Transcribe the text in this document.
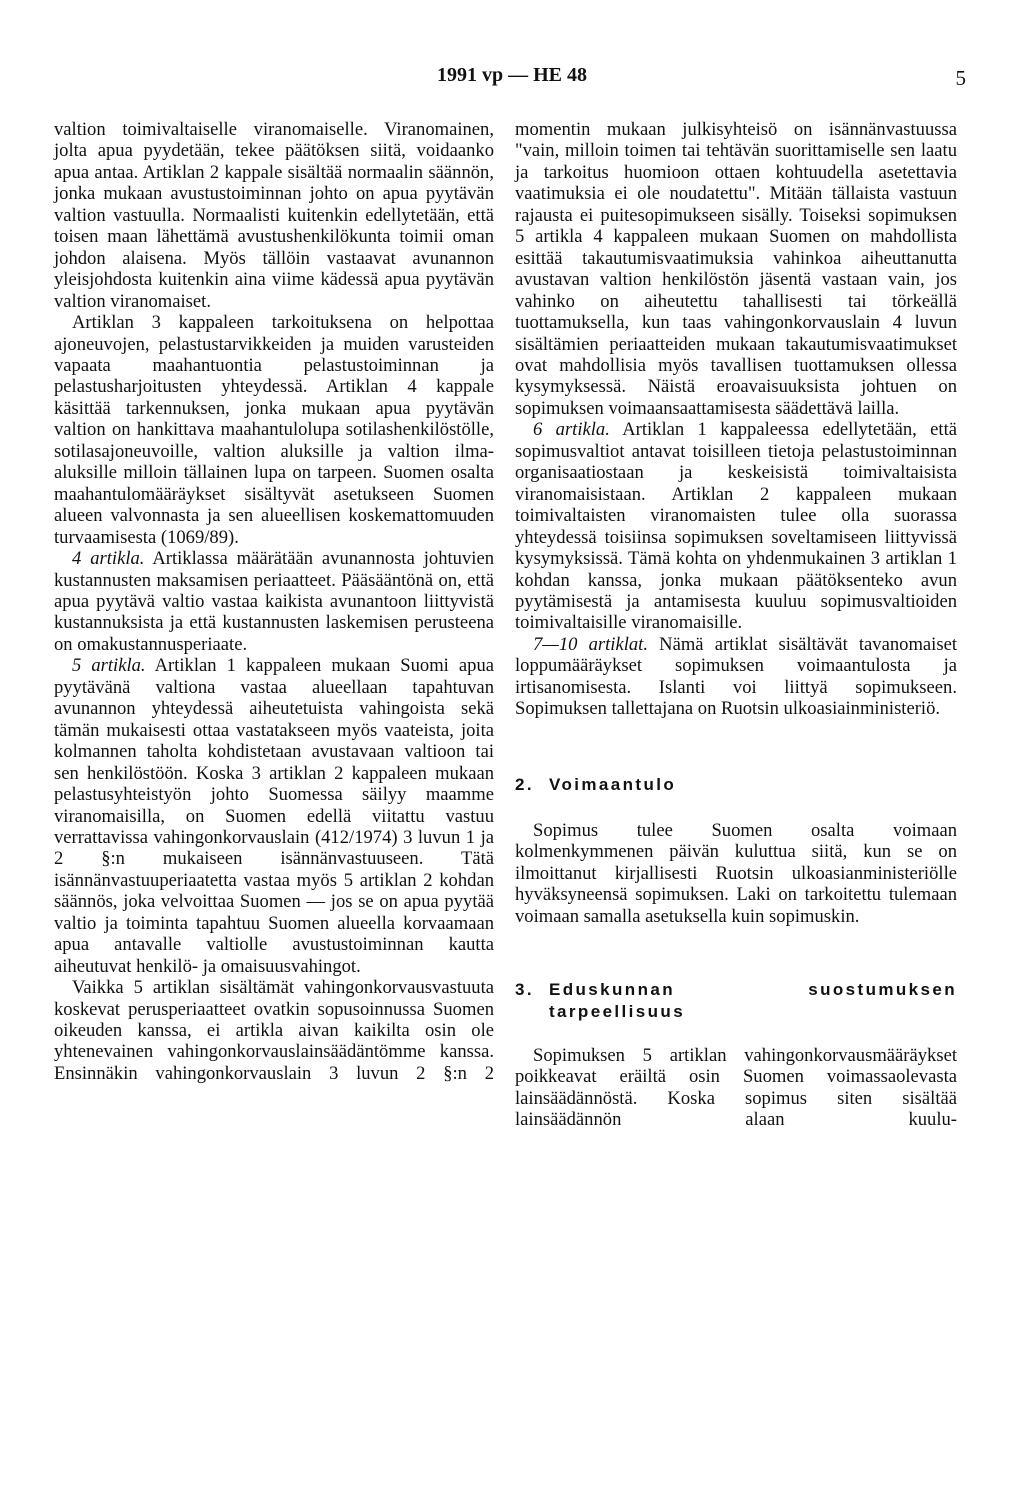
1991 vp — HE 48	5

valtion toimivaltaiselle viranomaiselle. Viranomainen, jolta apua pyydetään, tekee päätöksen siitä, voidaanko apua antaa. Artiklan 2 kappale sisältää normaalin säännön, jonka mukaan avustustoiminnan johto on apua pyytävän valtion vastuulla. Normaalisti kuitenkin edellytetään, että toisen maan lähettämä avustushenkilökunta toimii oman johdon alaisena. Myös tällöin vastaavat avunannon yleisjohdosta kuitenkin aina viime kädessä apua pyytävän valtion viranomaiset.

Artiklan 3 kappaleen tarkoituksena on helpottaa ajoneuvojen, pelastustarvikkeiden ja muiden varusteiden vapaata maahantuontia pelastustoiminnan ja pelastusharjoitusten yhteydessä. Artiklan 4 kappale käsittää tarkennuksen, jonka mukaan apua pyytävän valtion on hankittava maahantulolupa sotilashenkilöstölle, sotilasajoneuvoille, valtion aluksille ja valtion ilma-aluksille milloin tällainen lupa on tarpeen. Suomen osalta maahantulomääräykset sisältyvät asetukseen Suomen alueen valvonnasta ja sen alueellisen koskemattomuuden turvaamisesta (1069/89).

4 artikla. Artiklassa määrätään avunannosta johtuvien kustannusten maksamisen periaatteet. Pääsääntönä on, että apua pyytävä valtio vastaa kaikista avunantoon liittyvistä kustannuksista ja että kustannusten laskemisen perusteena on omakustannusperiaate.

5 artikla. Artiklan 1 kappaleen mukaan Suomi apua pyytävänä valtiona vastaa alueellaan tapahtuvan avunannon yhteydessä aiheutetuista vahingoista sekä tämän mukaisesti ottaa vastatakseen myös vaateista, joita kolmannen taholta kohdistetaan avustavaan valtioon tai sen henkilöstöön. Koska 3 artiklan 2 kappaleen mukaan pelastusyhteistyön johto Suomessa säilyy maamme viranomaisilla, on Suomen edellä viitattu vastuu verrattavissa vahingonkorvauslain (412/1974) 3 luvun 1 ja 2 §:n mukaiseen isännänvastuuseen. Tätä isännänvastuuperiaatetta vastaa myös 5 artiklan 2 kohdan säännös, joka velvoittaa Suomen — jos se on apua pyytää valtio ja toiminta tapahtuu Suomen alueella korvaamaan apua antavalle valtiolle avustustoiminnan kautta aiheutuvat henkilö- ja omaisuusvahingot.

Vaikka 5 artiklan sisältämät vahingonkorvausvastuuta koskevat perusperiaatteet ovatkin sopusoinnussa Suomen oikeuden kanssa, ei artikla aivan kaikilta osin ole yhtenevainen vahingonkorvauslainsäädäntömme kanssa. Ensinnäkin vahingonkorvauslain 3 luvun 2 §:n 2

momentin mukaan julkisyhteisö on isännänvastuussa "vain, milloin toimen tai tehtävän suorittamiselle sen laatu ja tarkoitus huomioon ottaen kohtuudella asetettavia vaatimuksia ei ole noudatettu". Mitään tällaista vastuun rajausta ei puitesopimukseen sisälly. Toiseksi sopimuksen 5 artikla 4 kappaleen mukaan Suomen on mahdollista esittää takautumisvaatimuksia vahinkoa aiheuttanutta avustavan valtion henkilöstön jäsentä vastaan vain, jos vahinko on aiheutettu tahallisesti tai törkeällä tuottamuksella, kun taas vahingonkorvauslain 4 luvun sisältämien periaatteiden mukaan takautumisvaatimukset ovat mahdollisia myös tavallisen tuottamuksen ollessa kysymyksessä. Näistä eroavaisuuksista johtuen on sopimuksen voimaansaattamisesta säädettävä lailla.

6 artikla. Artiklan 1 kappaleessa edellytetään, että sopimusvaltiot antavat toisilleen tietoja pelastustoiminnan organisaatiostaan ja keskeisistä toimivaltaisista viranomaisistaan. Artiklan 2 kappaleen mukaan toimivaltaisten viranomaisten tulee olla suorassa yhteydessä toisiinsa sopimuksen soveltamiseen liittyvissä kysymyksissä. Tämä kohta on yhdenmukainen 3 artiklan 1 kohdan kanssa, jonka mukaan päätöksenteko avun pyytämisestä ja antamisesta kuuluu sopimusvaltioiden toimivaltaisille viranomaisille.

7—10 artiklat. Nämä artiklat sisältävät tavanomaiset loppumääräykset sopimuksen voimaantulosta ja irtisanomisesta. Islanti voi liittyä sopimukseen. Sopimuksen tallettajana on Ruotsin ulkoasiainministeriö.

2. Voimaantulo

Sopimus tulee Suomen osalta voimaan kolmenkymmenen päivän kuluttua siitä, kun se on ilmoittanut kirjallisesti Ruotsin ulkoasianministeriölle hyväksyneensä sopimuksen. Laki on tarkoitettu tulemaan voimaan samalla asetuksella kuin sopimuskin.

3. Eduskunnan suostumuksen tarpeellisuus

Sopimuksen 5 artiklan vahingonkorvausmääräykset poikkeavat eräiltä osin Suomen voimassaolevasta lainsäädännöstä. Koska sopimus siten sisältää lainsäädännön alaan kuulu-
